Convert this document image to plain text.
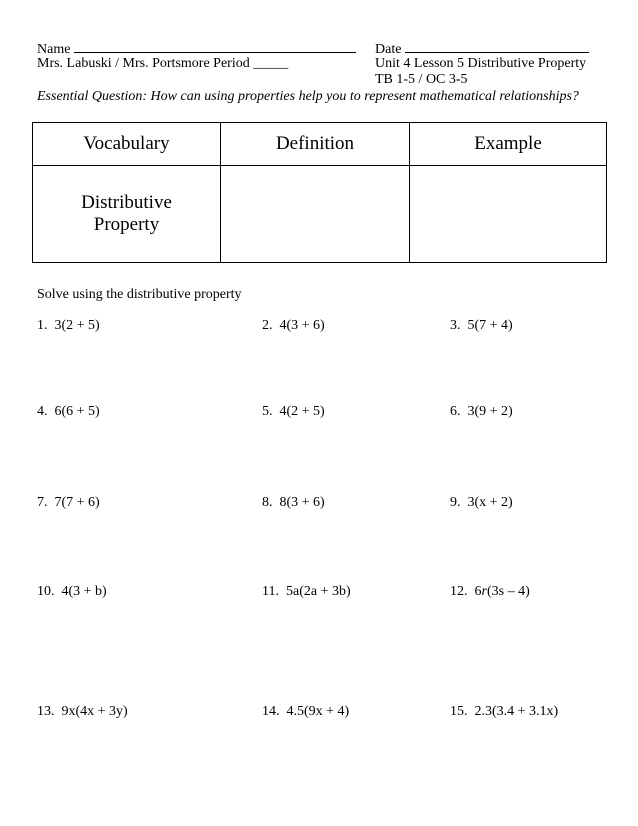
Name	Date
Mrs. Labuski / Mrs. Portsmore Period _____	Unit 4 Lesson 5 Distributive Property
TB 1-5 / OC 3-5
Essential Question: How can using properties help you to represent mathematical relationships?
Vocabulary	Definition	Example
Distributive
Property
Solve using the distributive property
1. 3(2 + 5)	2. 4(3 + 6)	3. 5(7 + 4)
4. 6(6 + 5)	5. 4(2 + 5)	6. 3(9 + 2)
7. 7(7 + 6)	8. 8(3 + 6)	9. 3(x + 2)
10. 4(3 + b)	11. 5a(2a + 3b)	12. 6r(3s – 4)
13. 9x(4x + 3y)	14. 4.5(9x + 4)	15. 2.3(3.4 + 3.1x)
